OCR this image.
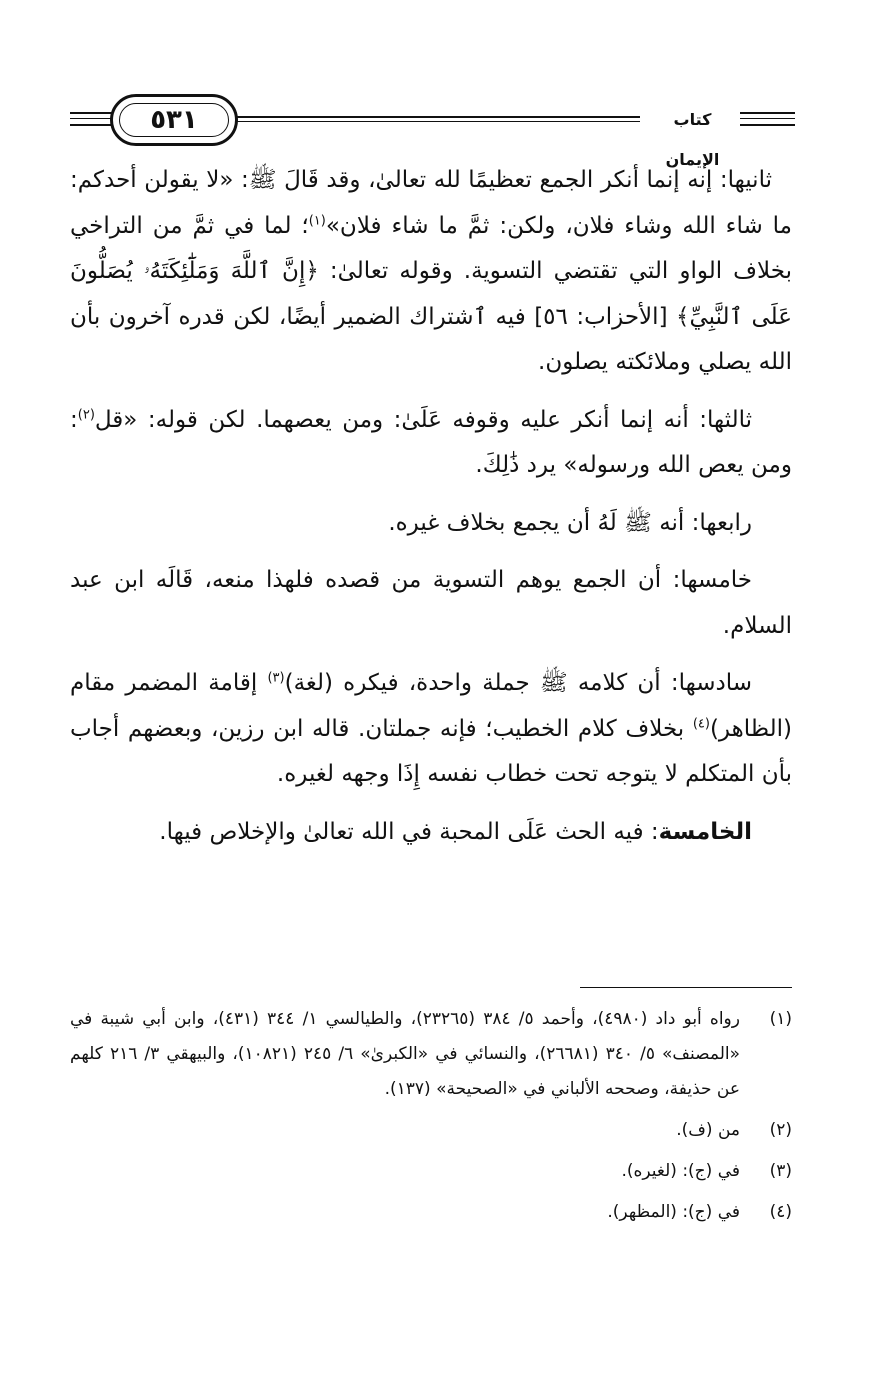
٥٣١	كتاب الإيمان

ثانيها: إنه إنما أنكر الجمع تعظيمًا لله تعالىٰ، وقد قَالَ ﷺ: «لا يقولن أحدكم: ما شاء الله وشاء فلان، ولكن: ثمَّ ما شاء فلان»$^{(١)}$؛ لما في ثمَّ من التراخي بخلاف الواو التي تقتضي التسوية. وقوله تعالىٰ: ﴿إِنَّ ٱللَّهَ وَمَلَٰٓئِكَتَهُۥ يُصَلُّونَ عَلَى ٱلنَّبِيِّ﴾ [الأحزاب: ٥٦] فيه ٱشتراك الضمير أيضًا، لكن قدره آخرون بأن الله يصلي وملائكته يصلون.

ثالثها: أنه إنما أنكر عليه وقوفه عَلَىٰ: ومن يعصهما. لكن قوله: «قل$^{(٢)}$: ومن يعص الله ورسوله» يرد ذَٰلِكَ.

رابعها: أنه ﷺ لَهُ أن يجمع بخلاف غيره.

خامسها: أن الجمع يوهم التسوية من قصده فلهذا منعه، قَالَه ابن عبد السلام.

سادسها: أن كلامه ﷺ جملة واحدة، فيكره (لغة)$^{(٣)}$ إقامة المضمر مقام (الظاهر)$^{(٤)}$ بخلاف كلام الخطيب؛ فإنه جملتان. قاله ابن رزين، وبعضهم أجاب بأن المتكلم لا يتوجه تحت خطاب نفسه إِذَا وجهه لغيره.

الخامسة: فيه الحث عَلَى المحبة في الله تعالىٰ والإخلاص فيها.

(١)
رواه أبو داد (٤٩٨٠)، وأحمد ٥/ ٣٨٤ (٢٣٢٦٥)، والطيالسي ١/ ٣٤٤ (٤٣١)، وابن أبي شيبة في «المصنف» ٥/ ٣٤٠ (٢٦٦٨١)، والنسائي في «الكبرىٰ» ٦/ ٢٤٥ (١٠٨٢١)، والبيهقي ٣/ ٢١٦ كلهم عن حذيفة، وصححه الألباني في «الصحيحة» (١٣٧).
(٢)
من (ف).
(٣)
في (ج): (لغيره).
(٤)
في (ج): (المظهر).
